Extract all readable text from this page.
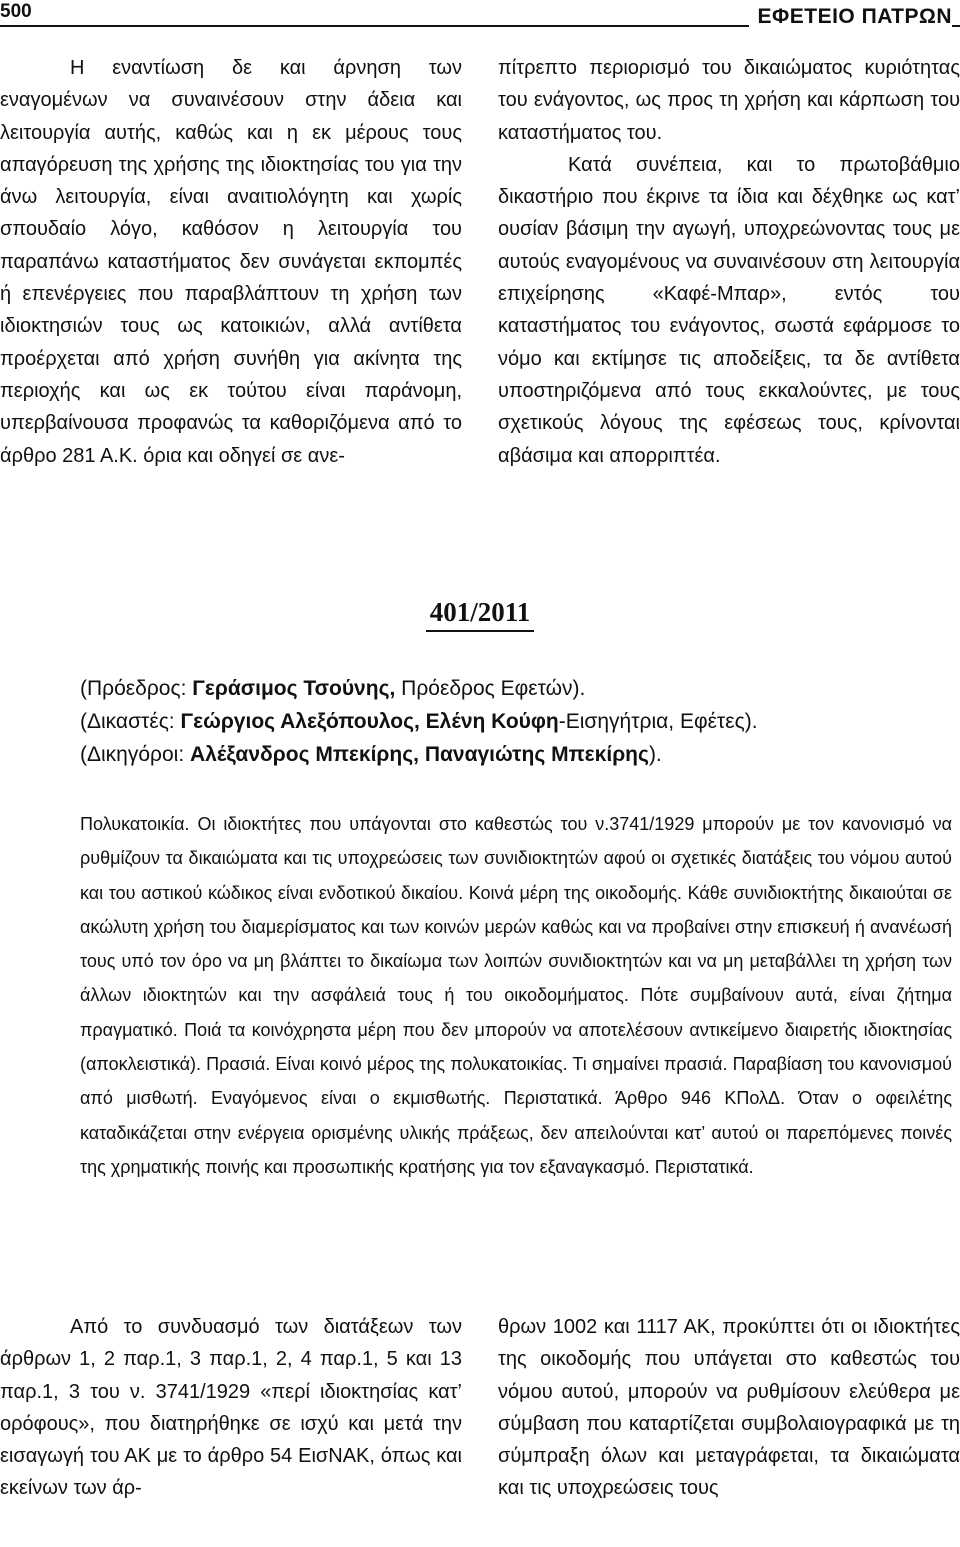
500	ΕΦΕΤΕΙΟ ΠΑΤΡΩΝ

Η εναντίωση δε και άρνηση των εναγομένων να συναινέσουν στην άδεια και λειτουργία αυτής, καθώς και η εκ μέρους τους απαγόρευση της χρήσης της ιδιοκτησίας του για την άνω λειτουργία, είναι αναιτιολόγητη και χωρίς σπουδαίο λόγο, καθόσον η λειτουργία του παραπάνω καταστήματος δεν συνάγεται εκπομπές ή επενέργειες που παραβλάπτουν τη χρήση των ιδιοκτησιών τους ως κατοικιών, αλλά αντίθετα προέρχεται από χρήση συνήθη για ακίνητα της περιοχής και ως εκ τούτου είναι παράνομη, υπερβαίνουσα προφανώς τα καθοριζόμενα από το άρθρο 281 Α.Κ. όρια και οδηγεί σε ανε-

πίτρεπτο περιορισμό του δικαιώματος κυριότητας του ενάγοντος, ως προς τη χρήση και κάρπωση του καταστήματος του.

Κατά συνέπεια, και το πρωτοβάθμιο δικαστήριο που έκρινε τα ίδια και δέχθηκε ως κατ’ ουσίαν βάσιμη την αγωγή, υποχρεώνοντας τους με αυτούς εναγομένους να συναινέσουν στη λειτουργία επιχείρησης «Καφέ-Μπαρ», εντός του καταστήματος του ενάγοντος, σωστά εφάρμοσε το νόμο και εκτίμησε τις αποδείξεις, τα δε αντίθετα υποστηριζόμενα από τους εκκαλούντες, με τους σχετικούς λόγους της εφέσεως τους, κρίνονται αβάσιμα και απορριπτέα.

401/2011
(Πρόεδρος: Γεράσιμος Τσούνης, Πρόεδρος Εφετών).
(Δικαστές: Γεώργιος Αλεξόπουλος, Ελένη Κούφη-Εισηγήτρια, Εφέτες).
(Δικηγόροι: Αλέξανδρος Μπεκίρης, Παναγιώτης Μπεκίρης).

Πολυκατοικία. Οι ιδιοκτήτες που υπάγονται στο καθεστώς του ν.3741/1929 μπορούν με τον κανονισμό να ρυθμίζουν τα δικαιώματα και τις υποχρεώσεις των συνιδιοκτητών αφού οι σχετικές διατάξεις του νόμου αυτού και του αστικού κώδικος είναι ενδοτικού δικαίου. Κοινά μέρη της οικοδομής. Κάθε συνιδιοκτήτης δικαιούται σε ακώλυτη χρήση του διαμερίσματος και των κοινών μερών καθώς και να προβαίνει στην επισκευή ή ανανέωσή τους υπό τον όρο να μη βλάπτει το δικαίωμα των λοιπών συνιδιοκτητών και να μη μεταβάλλει τη χρήση των άλλων ιδιοκτητών και την ασφάλειά τους ή του οικοδομήματος. Πότε συμβαίνουν αυτά, είναι ζήτημα πραγματικό. Ποιά τα κοινόχρηστα μέρη που δεν μπορούν να αποτελέσουν αντικείμενο διαιρετής ιδιοκτησίας (αποκλειστικά). Πρασιά. Είναι κοινό μέρος της πολυκατοικίας. Τι σημαίνει πρασιά. Παραβίαση του κανονισμού από μισθωτή. Εναγόμενος είναι ο εκμισθωτής. Περιστατικά. Άρθρο 946 ΚΠολΔ. Όταν ο οφειλέτης καταδικάζεται στην ενέργεια ορισμένης υλικής πράξεως, δεν απειλούνται κατ’ αυτού οι παρεπόμενες ποινές της χρηματικής ποινής και προσωπικής κρατήσης για τον εξαναγκασμό. Περιστατικά.

Από το συνδυασμό των διατάξεων των άρθρων 1, 2 παρ.1, 3 παρ.1, 2, 4 παρ.1, 5 και 13 παρ.1, 3 του ν. 3741/1929 «περί ιδιοκτησίας κατ’ ορόφους», που διατηρήθηκε σε ισχύ και μετά την εισαγωγή του ΑΚ με το άρθρο 54 ΕισΝΑΚ, όπως και εκείνων των άρ-

θρων 1002 και 1117 ΑΚ, προκύπτει ότι οι ιδιοκτήτες της οικοδομής που υπάγεται στο καθεστώς του νόμου αυτού, μπορούν να ρυθμίσουν ελεύθερα με σύμβαση που καταρτίζεται συμβολαιογραφικά με τη σύμπραξη όλων και μεταγράφεται, τα δικαιώματα και τις υποχρεώσεις τους
